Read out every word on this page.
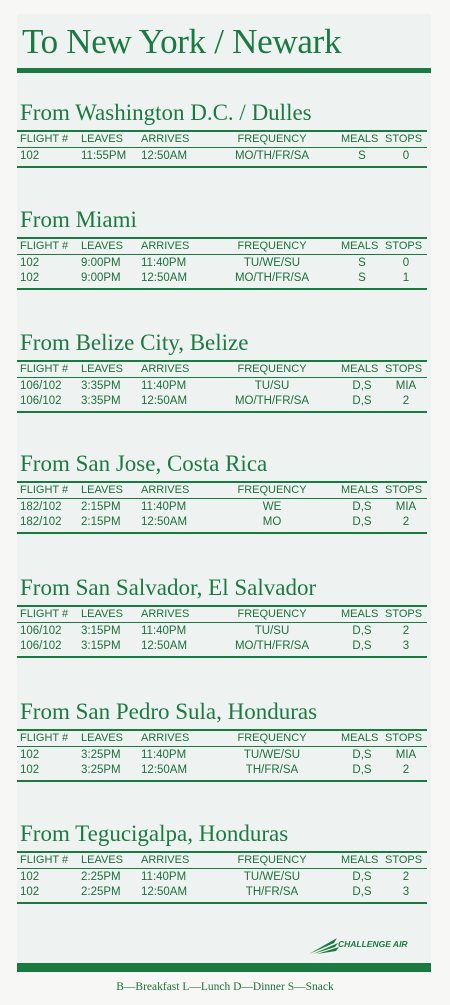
To New York / Newark
From Washington D.C. / Dulles
FLIGHT # LEAVES ARRIVES	FREQUENCY	MEALS STOPS
102	11:55PM 12:50AM	MO/TH/FR/SA	S	0
From Miami
FLIGHT # LEAVES ARRIVES	FREQUENCY	MEALS STOPS
102	9:00PM 11:40PM	TU/WE/SU	S	0
102	9:00PM 12:50AM	MO/TH/FR/SA	S	1
From Belize City, Belize
FLIGHT # LEAVES ARRIVES	FREQUENCY	MEALS STOPS
106/102 3:35PM 11:40PM	TU/SU	D,S	MIA
106/102 3:35PM 12:50AM	MO/TH/FR/SA	D,S	2
From San Jose, Costa Rica
FLIGHT # LEAVES ARRIVES	FREQUENCY	MEALS STOPS
182/102 2:15PM 11:40PM	WE	D,S	MIA
182/102 2:15PM 12:50AM	MO	D,S	2
From San Salvador, El Salvador
FLIGHT # LEAVES ARRIVES	FREQUENCY	MEALS STOPS
106/102 3:15PM 11:40PM	TU/SU	D,S	2
106/102 3:15PM 12:50AM	MO/TH/FR/SA	D,S	3
From San Pedro Sula, Honduras
FLIGHT # LEAVES ARRIVES	FREQUENCY	MEALS STOPS
102	3:25PM 11:40PM	TU/WE/SU	D,S	MIA
102	3:25PM 12:50AM	TH/FR/SA	D,S	2
From Tegucigalpa, Honduras
FLIGHT # LEAVES ARRIVES	FREQUENCY	MEALS STOPS
102	2:25PM 11:40PM	TU/WE/SU	D,S	2
102	2:25PM 12:50AM	TH/FR/SA	D,S	3
CHALLENGE AIR
B—Breakfast L—Lunch D—Dinner S—Snack
